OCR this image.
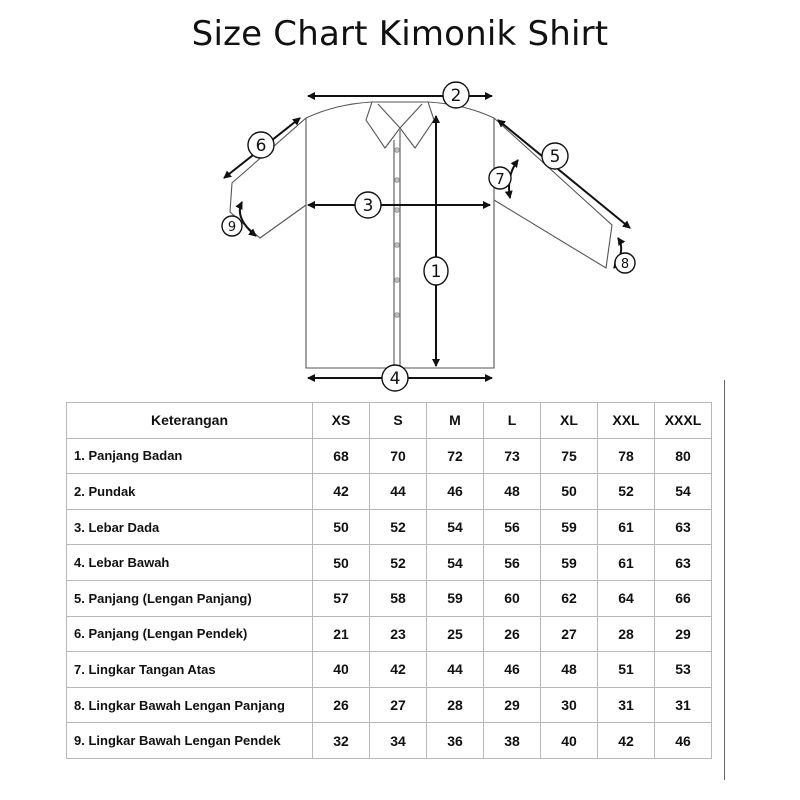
Size Chart Kimonik Shirt
1
2
3
4
5
6
7
8
9
Keterangan	XS	S	M	L	XL	XXL	XXXL
1. Panjang Badan	68	70	72	73	75	78	80
2. Pundak	42	44	46	48	50	52	54
3. Lebar Dada	50	52	54	56	59	61	63
4. Lebar Bawah	50	52	54	56	59	61	63
5. Panjang (Lengan Panjang)	57	58	59	60	62	64	66
6. Panjang (Lengan Pendek)	21	23	25	26	27	28	29
7. Lingkar Tangan Atas	40	42	44	46	48	51	53
8. Lingkar Bawah Lengan Panjang	26	27	28	29	30	31	31
9. Lingkar Bawah Lengan Pendek	32	34	36	38	40	42	46
